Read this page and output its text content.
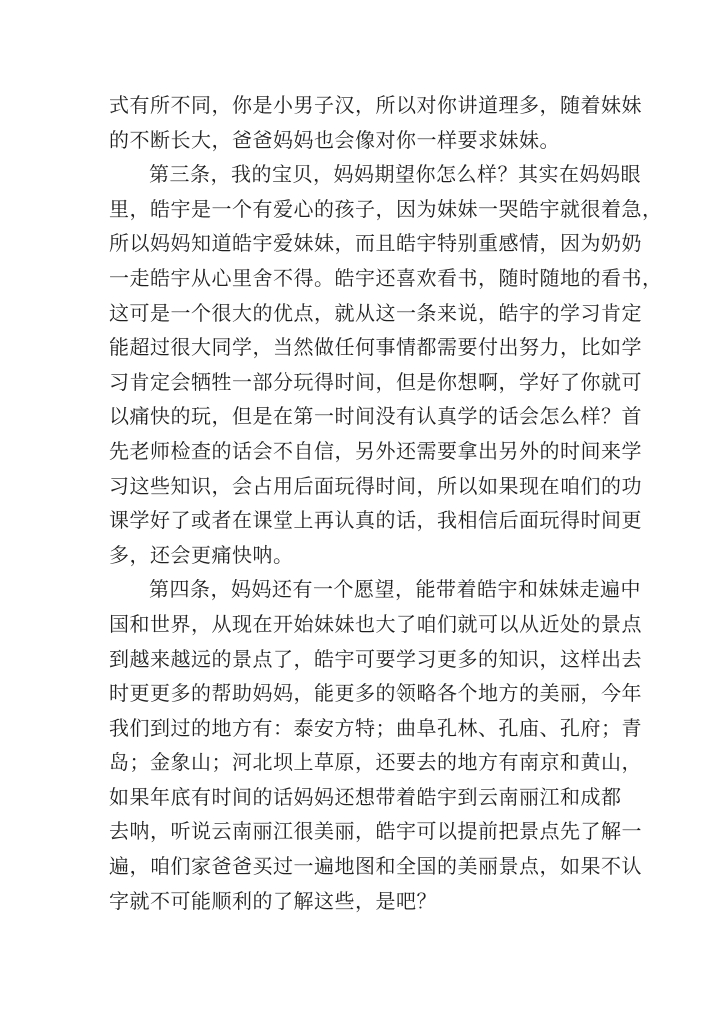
式有所不同，你是小男子汉，所以对你讲道理多，随着妹妹
的不断长大，爸爸妈妈也会像对你一样要求妹妹。
第三条，我的宝贝，妈妈期望你怎么样？其实在妈妈眼
里，皓宇是一个有爱心的孩子，因为妹妹一哭皓宇就很着急，
所以妈妈知道皓宇爱妹妹，而且皓宇特别重感情，因为奶奶
一走皓宇从心里舍不得。皓宇还喜欢看书，随时随地的看书，
这可是一个很大的优点，就从这一条来说，皓宇的学习肯定
能超过很大同学，当然做任何事情都需要付出努力，比如学
习肯定会牺牲一部分玩得时间，但是你想啊，学好了你就可
以痛快的玩，但是在第一时间没有认真学的话会怎么样？首
先老师检查的话会不自信，另外还需要拿出另外的时间来学
习这些知识，会占用后面玩得时间，所以如果现在咱们的功
课学好了或者在课堂上再认真的话，我相信后面玩得时间更
多，还会更痛快呐。
第四条，妈妈还有一个愿望，能带着皓宇和妹妹走遍中
国和世界，从现在开始妹妹也大了咱们就可以从近处的景点
到越来越远的景点了，皓宇可要学习更多的知识，这样出去
时更更多的帮助妈妈，能更多的领略各个地方的美丽，今年
我们到过的地方有：泰安方特；曲阜孔林、孔庙、孔府；青
岛；金象山；河北坝上草原，还要去的地方有南京和黄山，
如果年底有时间的话妈妈还想带着皓宇到云南丽江和成都
去呐，听说云南丽江很美丽，皓宇可以提前把景点先了解一
遍，咱们家爸爸买过一遍地图和全国的美丽景点，如果不认
字就不可能顺利的了解这些，是吧？
